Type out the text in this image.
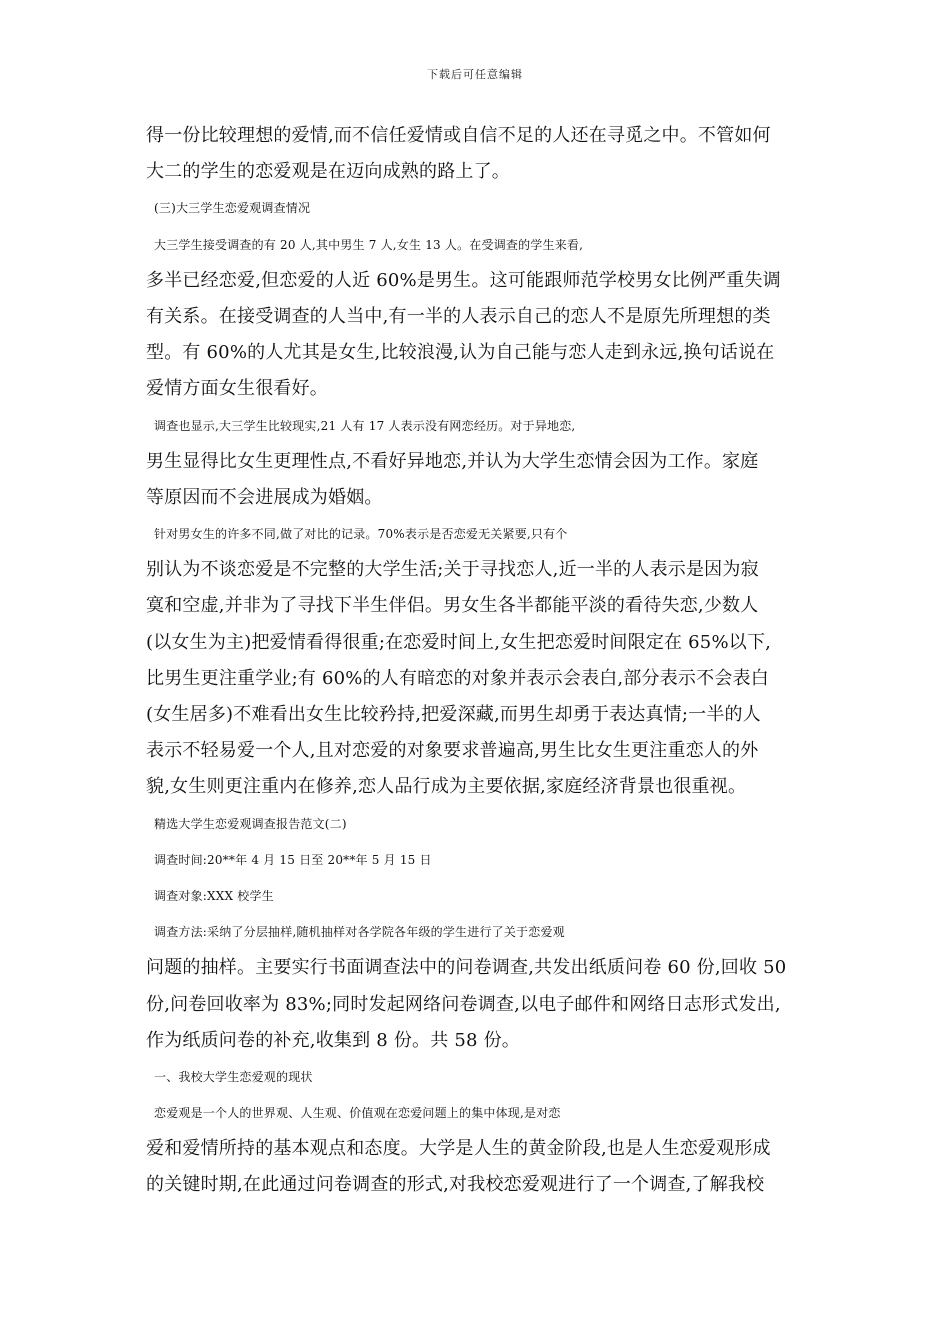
下载后可任意编辑
得一份比较理想的爱情,而不信任爱情或自信不足的人还在寻觅之中。不管如何
大二的学生的恋爱观是在迈向成熟的路上了。
(三)大三学生恋爱观调查情况
大三学生接受调查的有 20 人,其中男生 7 人,女生 13 人。在受调查的学生来看,
多半已经恋爱,但恋爱的人近 60%是男生。这可能跟师范学校男女比例严重失调
有关系。在接受调查的人当中,有一半的人表示自己的恋人不是原先所理想的类
型。有 60%的人尤其是女生,比较浪漫,认为自己能与恋人走到永远,换句话说在
爱情方面女生很看好。
调查也显示,大三学生比较现实,21 人有 17 人表示没有网恋经历。对于异地恋,
男生显得比女生更理性点,不看好异地恋,并认为大学生恋情会因为工作。家庭
等原因而不会进展成为婚姻。
针对男女生的许多不同,做了对比的记录。70%表示是否恋爱无关紧要,只有个
别认为不谈恋爱是不完整的大学生活;关于寻找恋人,近一半的人表示是因为寂
寞和空虚,并非为了寻找下半生伴侣。男女生各半都能平淡的看待失恋,少数人
(以女生为主)把爱情看得很重;在恋爱时间上,女生把恋爱时间限定在 65%以下,
比男生更注重学业;有 60%的人有暗恋的对象并表示会表白,部分表示不会表白
(女生居多)不难看出女生比较矜持,把爱深藏,而男生却勇于表达真情;一半的人
表示不轻易爱一个人,且对恋爱的对象要求普遍高,男生比女生更注重恋人的外
貌,女生则更注重内在修养,恋人品行成为主要依据,家庭经济背景也很重视。
精选大学生恋爱观调查报告范文(二)
调查时间:20**年 4 月 15 日至 20**年 5 月 15 日
调查对象:XXX 校学生
调查方法:采纳了分层抽样,随机抽样对各学院各年级的学生进行了关于恋爱观
问题的抽样。主要实行书面调查法中的问卷调查,共发出纸质问卷 60 份,回收 50
份,问卷回收率为 83%;同时发起网络问卷调查,以电子邮件和网络日志形式发出,
作为纸质问卷的补充,收集到 8 份。共 58 份。
一、我校大学生恋爱观的现状
恋爱观是一个人的世界观、人生观、价值观在恋爱问题上的集中体现,是对恋
爱和爱情所持的基本观点和态度。大学是人生的黄金阶段,也是人生恋爱观形成
的关键时期,在此通过问卷调查的形式,对我校恋爱观进行了一个调查,了解我校
